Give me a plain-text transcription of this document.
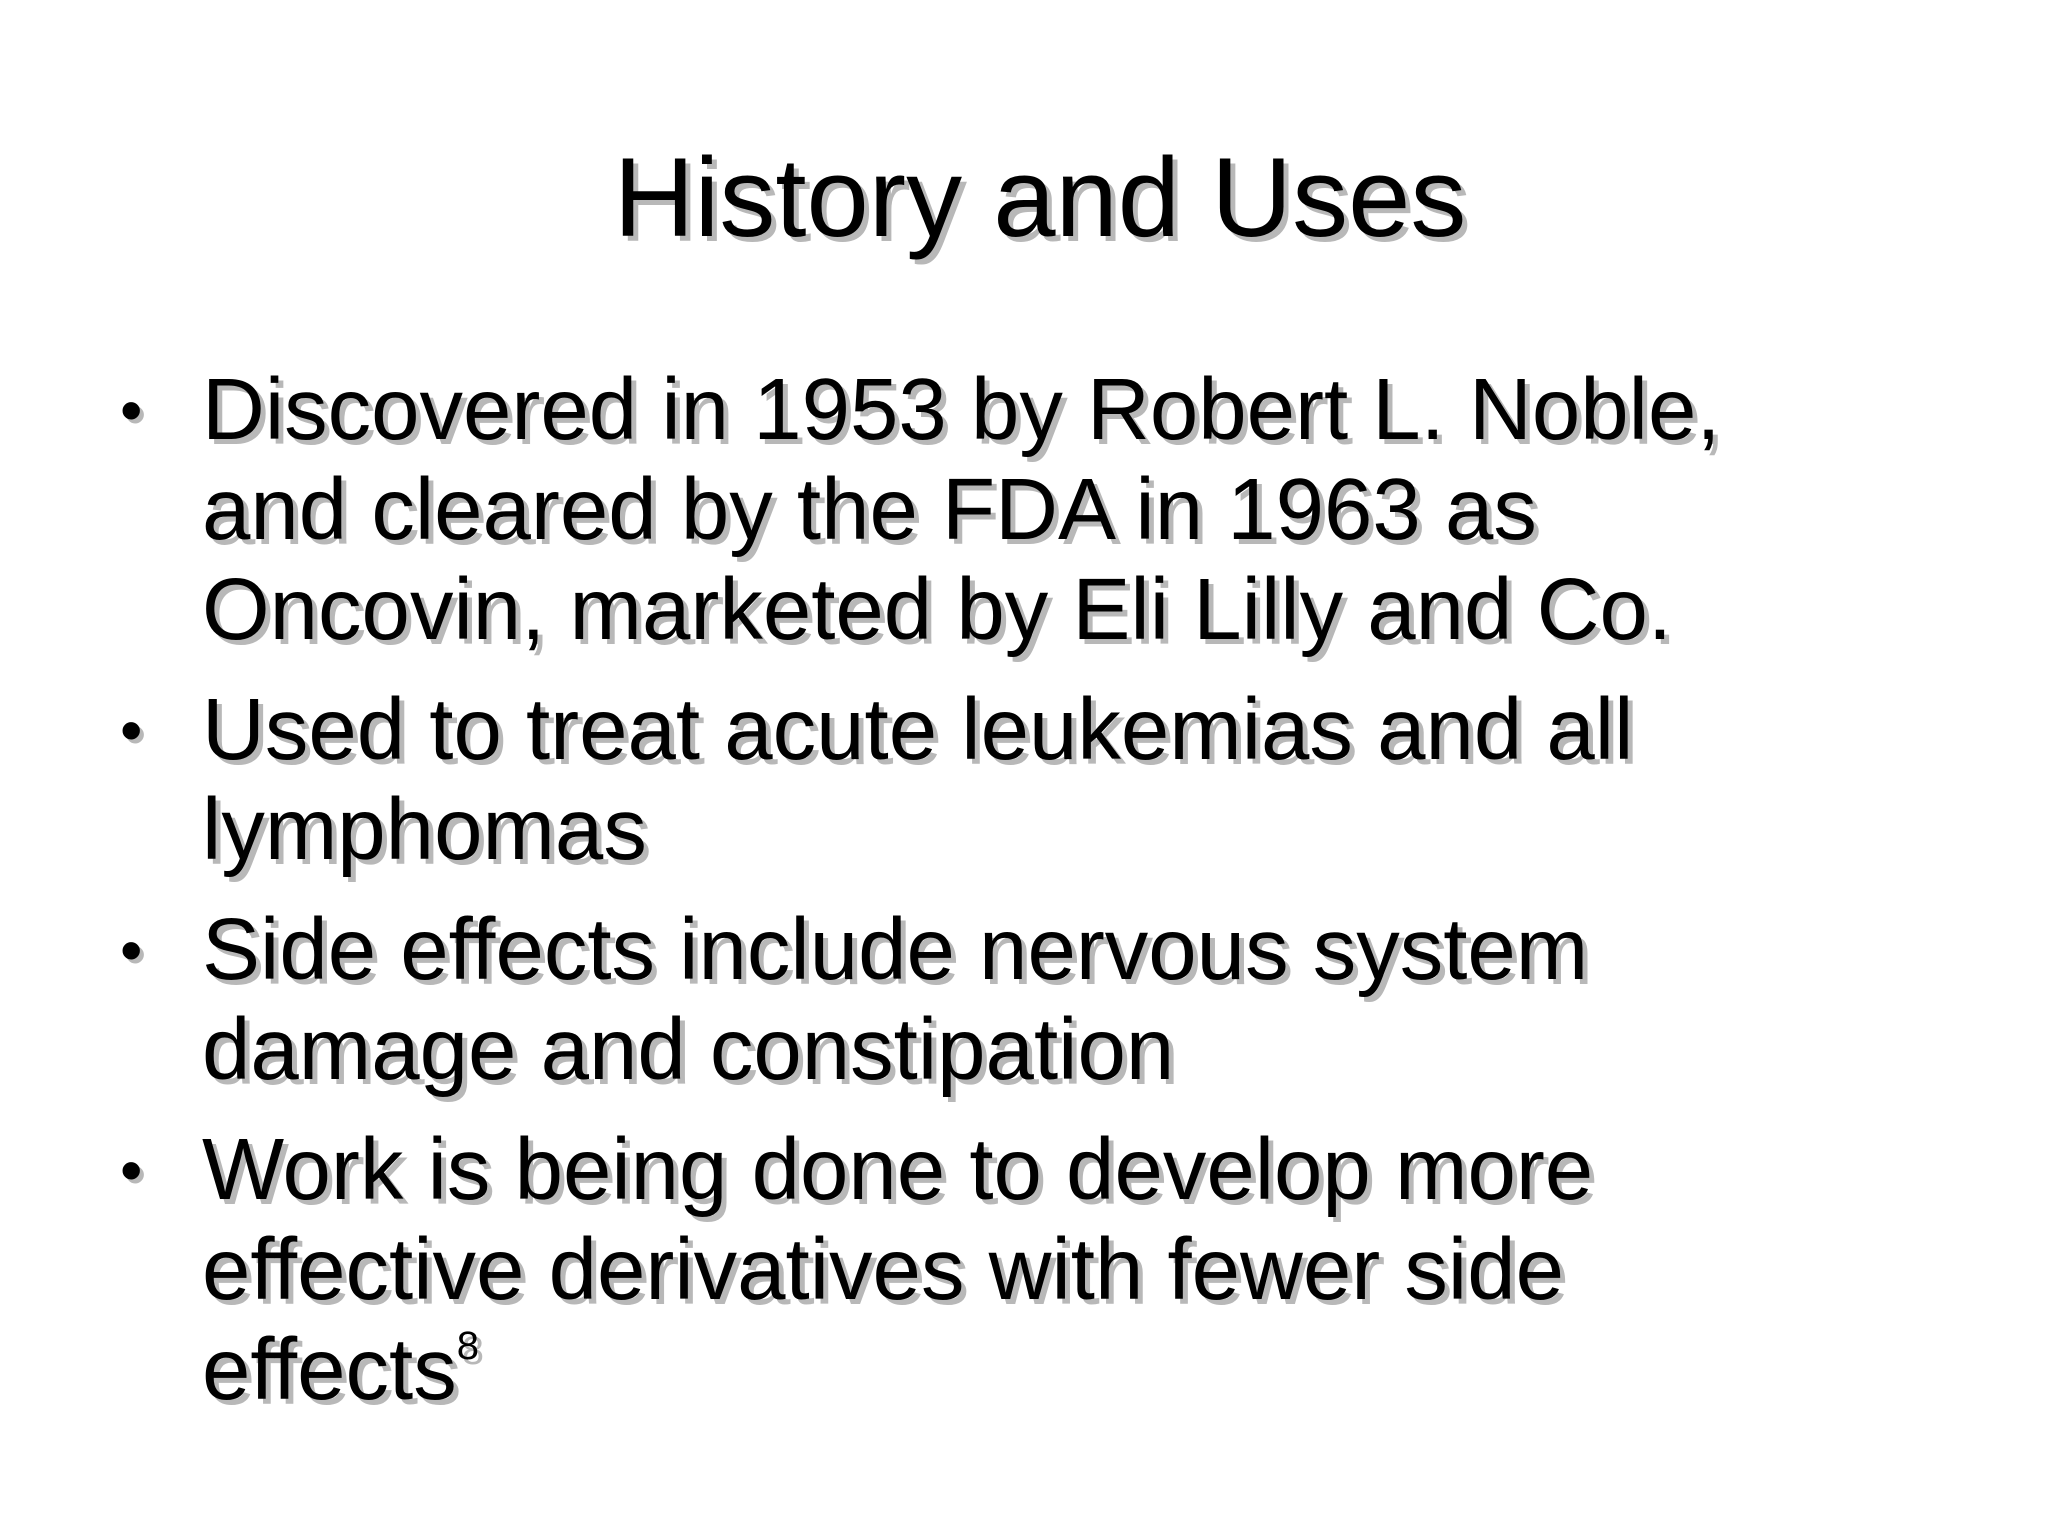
History and Uses
• Discovered in 1953 by Robert L. Noble,
and cleared by the FDA in 1963 as
Oncovin, marketed by Eli Lilly and Co.
• Used to treat acute leukemias and all
lymphomas
• Side effects include nervous system
damage and constipation
• Work is being done to develop more
effective derivatives with fewer side
effects$^8$
